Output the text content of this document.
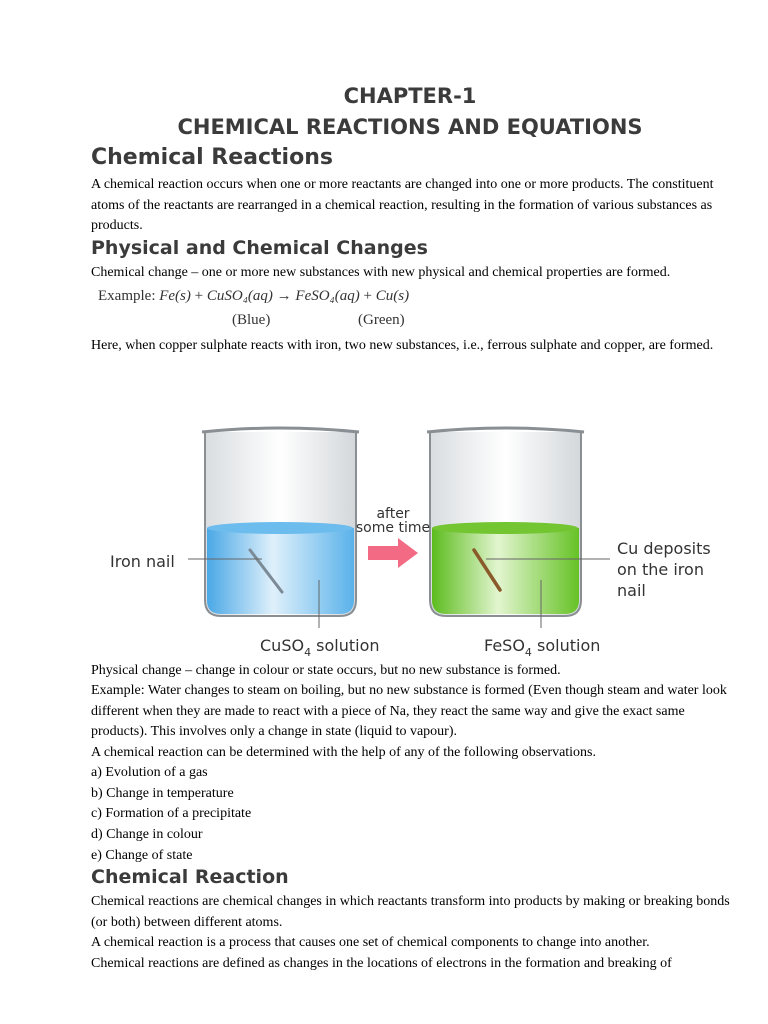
CHAPTER-1
CHEMICAL REACTIONS AND EQUATIONS
Chemical Reactions

A chemical reaction occurs when one or more reactants are changed into one or more products. The constituent atoms of the reactants are rearranged in a chemical reaction, resulting in the formation of various substances as products.

Physical and Chemical Changes

Chemical change – one or more new substances with new physical and chemical properties are formed.

Example: Fe(s) + CuSO₄(aq) → FeSO₄(aq) + Cu(s)
(Blue)	(Green)

Here, when copper sulphate reacts with iron, two new substances, i.e., ferrous sulphate and copper, are formed.

Iron nail
after
some time
Cu deposits
on the iron
nail
CuSO$_4$ solution	FeSO$_4$ solution

Physical change – change in colour or state occurs, but no new substance is formed.

Example: Water changes to steam on boiling, but no new substance is formed (Even though steam and water look different when they are made to react with a piece of Na, they react the same way and give the exact same products). This involves only a change in state (liquid to vapour).

A chemical reaction can be determined with the help of any of the following observations.

a) Evolution of a gas
b) Change in temperature
c) Formation of a precipitate
d) Change in colour
e) Change of state
Chemical Reaction

Chemical reactions are chemical changes in which reactants transform into products by making or breaking bonds (or both) between different atoms.

A chemical reaction is a process that causes one set of chemical components to change into another.

Chemical reactions are defined as changes in the locations of electrons in the formation and breaking of
